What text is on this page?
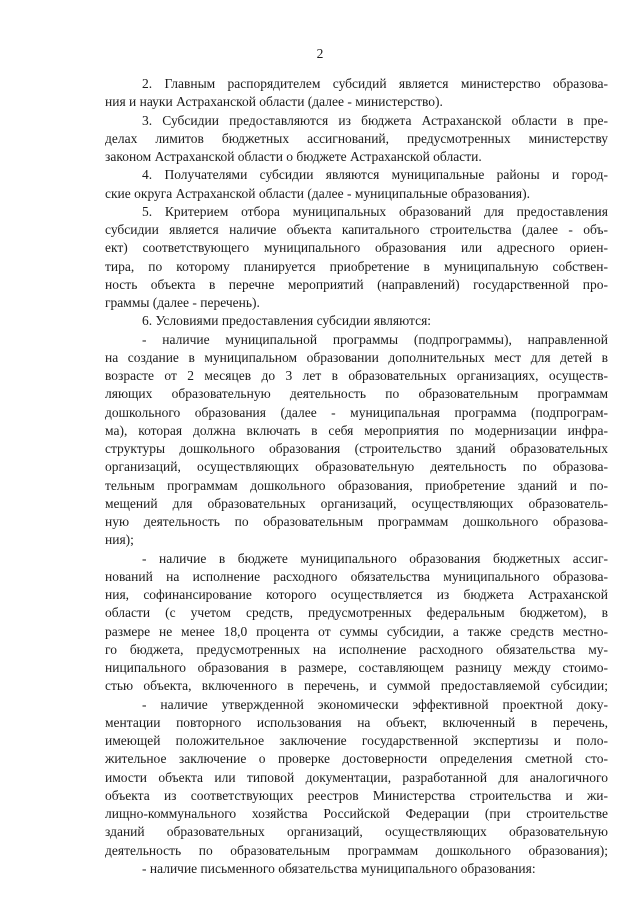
2
2. Главным распорядителем субсидий является министерство образова-
ния и науки Астраханской области (далее - министерство).
3. Субсидии предоставляются из бюджета Астраханской области в пре-
делах лимитов бюджетных ассигнований, предусмотренных министерству
законом Астраханской области о бюджете Астраханской области.
4. Получателями субсидии являются муниципальные районы и город-
ские округа Астраханской области (далее - муниципальные образования).
5. Критерием отбора муниципальных образований для предоставления
субсидии является наличие объекта капитального строительства (далее - объ-
ект) соответствующего муниципального образования или адресного ориен-
тира, по которому планируется приобретение в муниципальную собствен-
ность объекта в перечне мероприятий (направлений) государственной про-
граммы (далее - перечень).
6. Условиями предоставления субсидии являются:
- наличие муниципальной программы (подпрограммы), направленной
на создание в муниципальном образовании дополнительных мест для детей в
возрасте от 2 месяцев до 3 лет в образовательных организациях, осуществ-
ляющих образовательную деятельность по образовательным программам
дошкольного образования (далее - муниципальная программа (подпрограм-
ма), которая должна включать в себя мероприятия по модернизации инфра-
структуры дошкольного образования (строительство зданий образовательных
организаций, осуществляющих образовательную деятельность по образова-
тельным программам дошкольного образования, приобретение зданий и по-
мещений для образовательных организаций, осуществляющих образователь-
ную деятельность по образовательным программам дошкольного образова-
ния);
- наличие в бюджете муниципального образования бюджетных ассиг-
нований на исполнение расходного обязательства муниципального образова-
ния, софинансирование которого осуществляется из бюджета Астраханской
области (с учетом средств, предусмотренных федеральным бюджетом), в
размере не менее 18,0 процента от суммы субсидии, а также средств местно-
го бюджета, предусмотренных на исполнение расходного обязательства му-
ниципального образования в размере, составляющем разницу между стоимо-
стью объекта, включенного в перечень, и суммой предоставляемой субсидии;
- наличие утвержденной экономически эффективной проектной доку-
ментации повторного использования на объект, включенный в перечень,
имеющей положительное заключение государственной экспертизы и поло-
жительное заключение о проверке достоверности определения сметной сто-
имости объекта или типовой документации, разработанной для аналогичного
объекта из соответствующих реестров Министерства строительства и жи-
лищно-коммунального хозяйства Российской Федерации (при строительстве
зданий образовательных организаций, осуществляющих образовательную
деятельность по образовательным программам дошкольного образования);
- наличие письменного обязательства муниципального образования:
